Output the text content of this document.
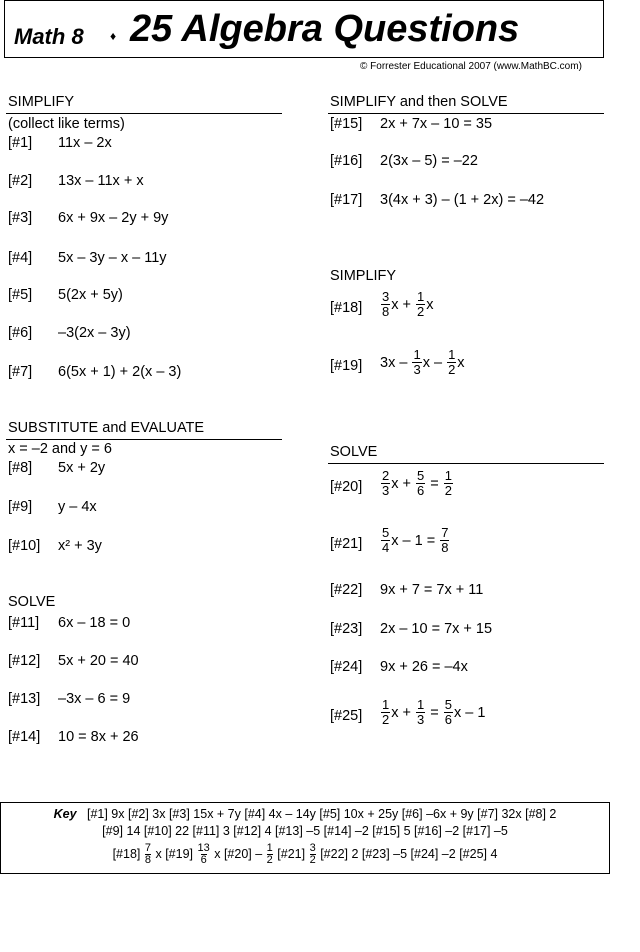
Math 8 ♦ 25 Algebra Questions
© Forrester Educational 2007 (www.MathBC.com)
SIMPLIFY
(collect like terms)
[#1] 11x – 2x
[#2] 13x – 11x + x
[#3] 6x + 9x – 2y + 9y
[#4] 5x – 3y – x – 11y
[#5] 5(2x + 5y)
[#6] –3(2x – 3y)
[#7] 6(5x + 1) + 2(x – 3)
SUBSTITUTE and EVALUATE
x = –2 and y = 6
[#8] 5x + 2y
[#9] y – 4x
[#10] x² + 3y
SOLVE
[#11] 6x – 18 = 0
[#12] 5x + 20 = 40
[#13] –3x – 6 = 9
[#14] 10 = 8x + 26
SIMPLIFY and then SOLVE
[#15] 2x + 7x – 10 = 35
[#16] 2(3x – 5) = –22
[#17] 3(4x + 3) – (1 + 2x) = –42
SIMPLIFY
[#18] $\frac{3}{8}$ x +
$\frac{1}{2}$ x
[#19] 3x –
$\frac{1}{3}$ x –
$\frac{1}{2}$ x
SOLVE
[#20] $\frac{2}{3}$ x +
$\frac{5}{6}$
=
$\frac{1}{2}$
[#21] $\frac{5}{4}$ x – 1 =
$\frac{7}{8}$
[#22] 9x + 7 = 7x + 11
[#23] 2x – 10 = 7x + 15
[#24] 9x + 26 = –4x
[#25] $\frac{1}{2}$ x +
$\frac{1}{3}$
=
$\frac{5}{6}$ x – 1
Key [#1] 9x [#2] 3x [#3] 15x + 7y [#4] 4x – 14y [#5] 10x + 25y [#6] –6x + 9y [#7] 32x [#8] 2
[#9] 14 [#10] 22 [#11] 3 [#12] 4 [#13] –5 [#14] –2 [#15] 5 [#16] –2 [#17] –5
[#18] $\frac{7}{8}$ x [#19] $\frac{13}{6}$ x [#20] – $\frac{1}{2}$ [#21] $\frac{3}{2}$ [#22] 2 [#23] –5 [#24] –2 [#25] 4
